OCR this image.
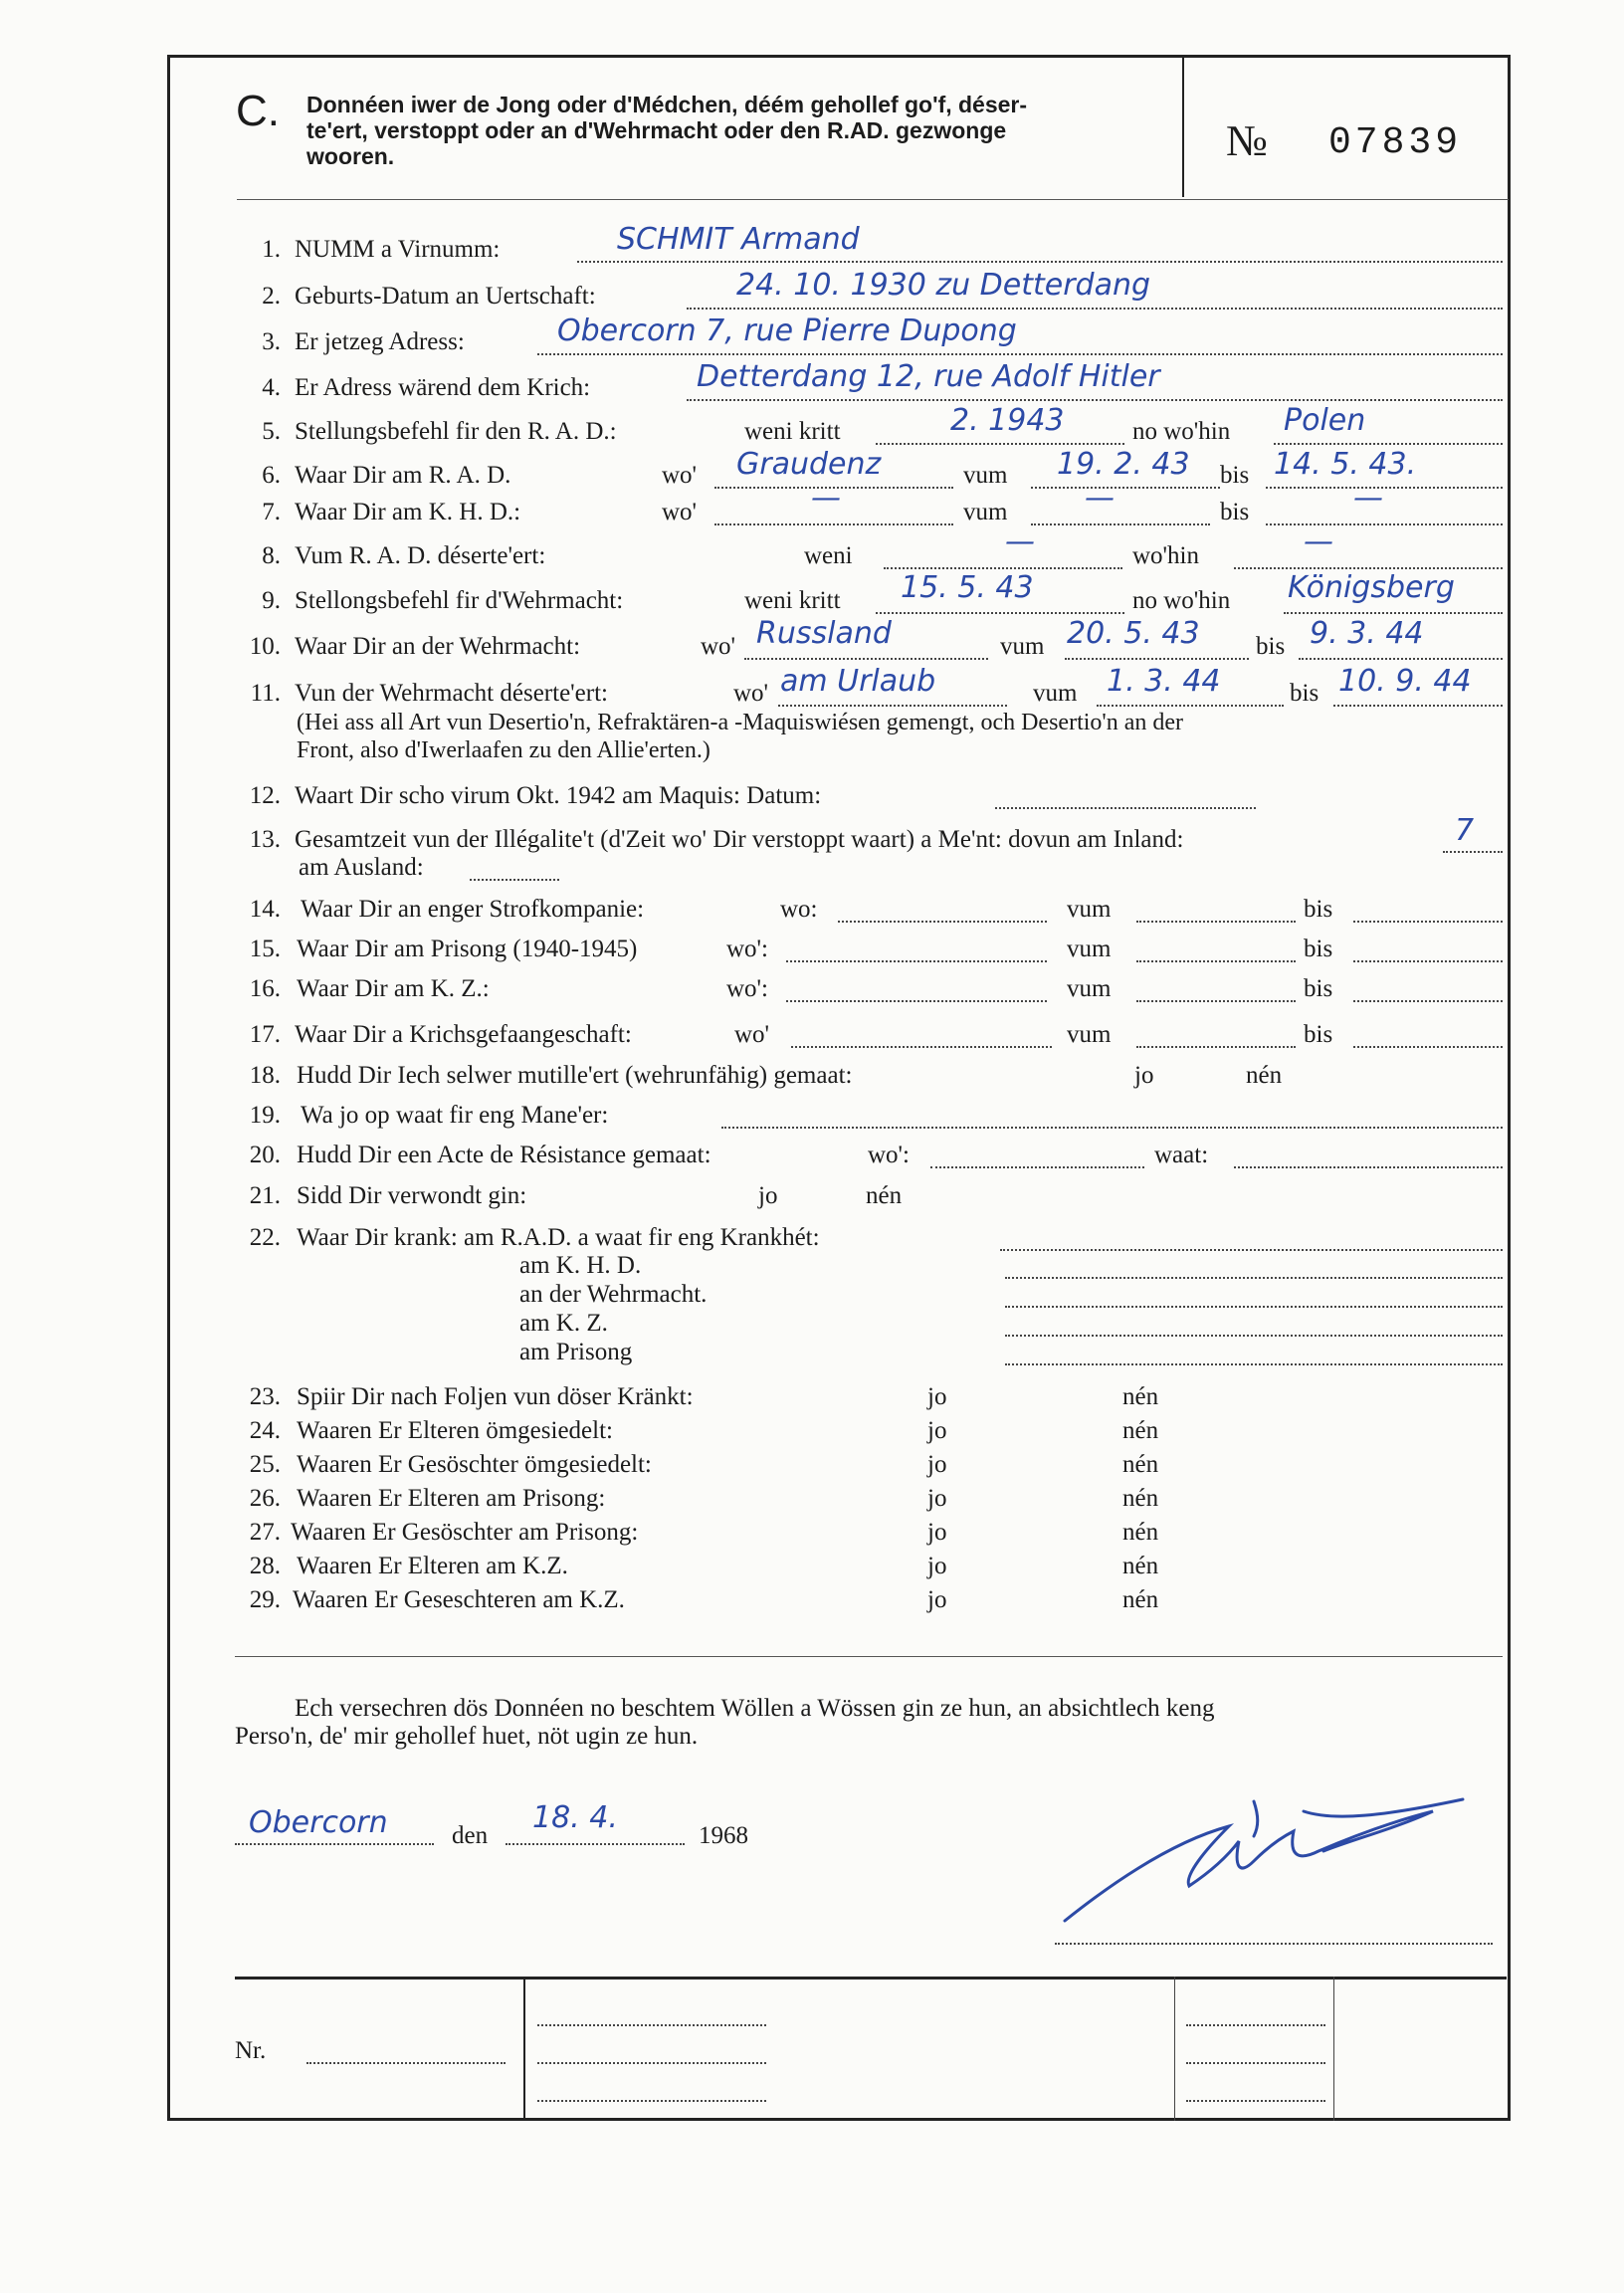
C. Donnéen iwer de Jong oder d'Médchen, déém gehollef go'f, déser-
te'ert, verstoppt oder an d'Wehrmacht oder den R.AD. gezwonge
wooren.	№ 07839
1. NUMM a Virnumm:	SCHMIT Armand
2. Geburts-Datum an Uertschaft:	24. 10. 1930 zu Detterdang
3. Er jetzeg Adress:	Obercorn 7, rue Pierre Dupong
4. Er Adress wärend dem Krich:	Detterdang 12, rue Adolf Hitler
5. Stellungsbefehl fir den R. A. D.:	weni kritt	2. 1943	no wo'hin Polen
6. Waar Dir am R. A. D.	wo' Graudenz	vum 19. 2. 43 bis 14. 5. 43.
7. Waar Dir am K. H. D.:	wo'	—	vum	—	bis	—
8. Vum R. A. D. déserte'ert:	weni	—	wo'hin	—
9. Stellongsbefehl fir d'Wehrmacht:	weni kritt 15. 5. 43	no wo'hin Königsberg
10. Waar Dir an der Wehrmacht:	wo' Russland	vum 20. 5. 43 bis 9. 3. 44
11. Vun der Wehrmacht déserte'ert:	wo' am Urlaub	vum 1. 3. 44	bis 10. 9. 44
(Hei ass all Art vun Desertio'n, Refraktären-a -Maquiswiésen gemengt, och Desertio'n an der
Front, also d'Iwerlaafen zu den Allie'erten.)
12. Waart Dir scho virum Okt. 1942 am Maquis: Datum:
13. Gesamtzeit vun der Illégalite't (d'Zeit wo' Dir verstoppt waart) a Me'nt: dovun am Inland:	7
am Ausland:
14. Waar Dir an enger Strofkompanie:	wo:	vum	bis
15. Waar Dir am Prisong (1940-1945)	wo':	vum	bis
16. Waar Dir am K. Z.:	wo':	vum	bis
17. Waar Dir a Krichsgefaangeschaft:	wo'	vum	bis
18. Hudd Dir Iech selwer mutille'ert (wehrunfähig) gemaat:	jo	nén
19. Wa jo op waat fir eng Mane'er:
20. Hudd Dir een Acte de Résistance gemaat:	wo':	waat:
21. Sidd Dir verwondt gin:	jo	nén
22. Waar Dir krank: am R.A.D. a waat fir eng Krankhét:
am K. H. D.
an der Wehrmacht.
am K. Z.
am Prisong
23. Spiir Dir nach Foljen vun döser Kränkt:	jo	nén
24. Waaren Er Elteren ömgesiedelt:	jo	nén
25. Waaren Er Gesöschter ömgesiedelt:	jo	nén
26. Waaren Er Elteren am Prisong:	jo	nén
27. Waaren Er Gesöschter am Prisong:	jo	nén
28. Waaren Er Elteren am K.Z.	jo	nén
29. Waaren Er Geseschteren am K.Z.	jo	nén
Ech versechren dös Donnéen no beschtem Wöllen a Wössen gin ze hun, an absichtlech keng
Perso'n, de' mir gehollef huet, nöt ugin ze hun.
Obercorn	den
18. 4.
1968
Nr.
